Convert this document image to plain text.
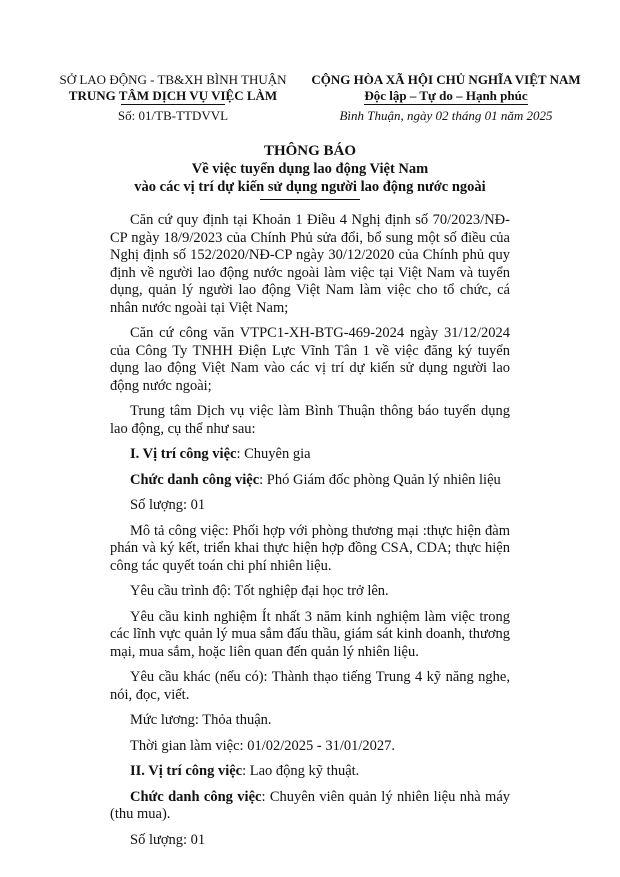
SỞ LAO ĐỘNG - TB&XH BÌNH THUẬN
TRUNG TÂM DỊCH VỤ VIỆC LÀM
Số: 01/TB-TTDVVL
CỘNG HÒA XÃ HỘI CHỦ NGHĨA VIỆT NAM
Độc lập – Tự do – Hạnh phúc
Bình Thuận, ngày 02 tháng 01 năm 2025
THÔNG BÁO
Về việc tuyển dụng lao động Việt Nam
vào các vị trí dự kiến sử dụng người lao động nước ngoài

Căn cứ quy định tại Khoản 1 Điều 4 Nghị định số 70/2023/NĐ-CP ngày 18/9/2023 của Chính Phủ sửa đổi, bổ sung một số điều của Nghị định số 152/2020/NĐ-CP ngày 30/12/2020 của Chính phủ quy định về người lao động nước ngoài làm việc tại Việt Nam và tuyển dụng, quản lý người lao động Việt Nam làm việc cho tổ chức, cá nhân nước ngoài tại Việt Nam;

Căn cứ công văn VTPC1-XH-BTG-469-2024 ngày 31/12/2024 của Công Ty TNHH Điện Lực Vĩnh Tân 1 về việc đăng ký tuyển dụng lao động Việt Nam vào các vị trí dự kiến sử dụng người lao động nước ngoài;

Trung tâm Dịch vụ việc làm Bình Thuận thông báo tuyển dụng lao động, cụ thể như sau:

I. Vị trí công việc: Chuyên gia

Chức danh công việc: Phó Giám đốc phòng Quản lý nhiên liệu

Số lượng: 01

Mô tả công việc: Phối hợp với phòng thương mại :thực hiện đàm phán và ký kết, triển khai thực hiện hợp đồng CSA, CDA; thực hiện công tác quyết toán chi phí nhiên liệu.

Yêu cầu trình độ: Tốt nghiệp đại học trở lên.

Yêu cầu kinh nghiệm Ít nhất 3 năm kinh nghiệm làm việc trong các lĩnh vực quản lý mua sắm đấu thầu, giám sát kinh doanh, thương mại, mua sắm, hoặc liên quan đến quản lý nhiên liệu.

Yêu cầu khác (nếu có): Thành thạo tiếng Trung 4 kỹ năng nghe, nói, đọc, viết.

Mức lương: Thỏa thuận.

Thời gian làm việc: 01/02/2025 - 31/01/2027.

II. Vị trí công việc: Lao động kỹ thuật.

Chức danh công việc: Chuyên viên quản lý nhiên liệu nhà máy (thu mua).

Số lượng: 01
